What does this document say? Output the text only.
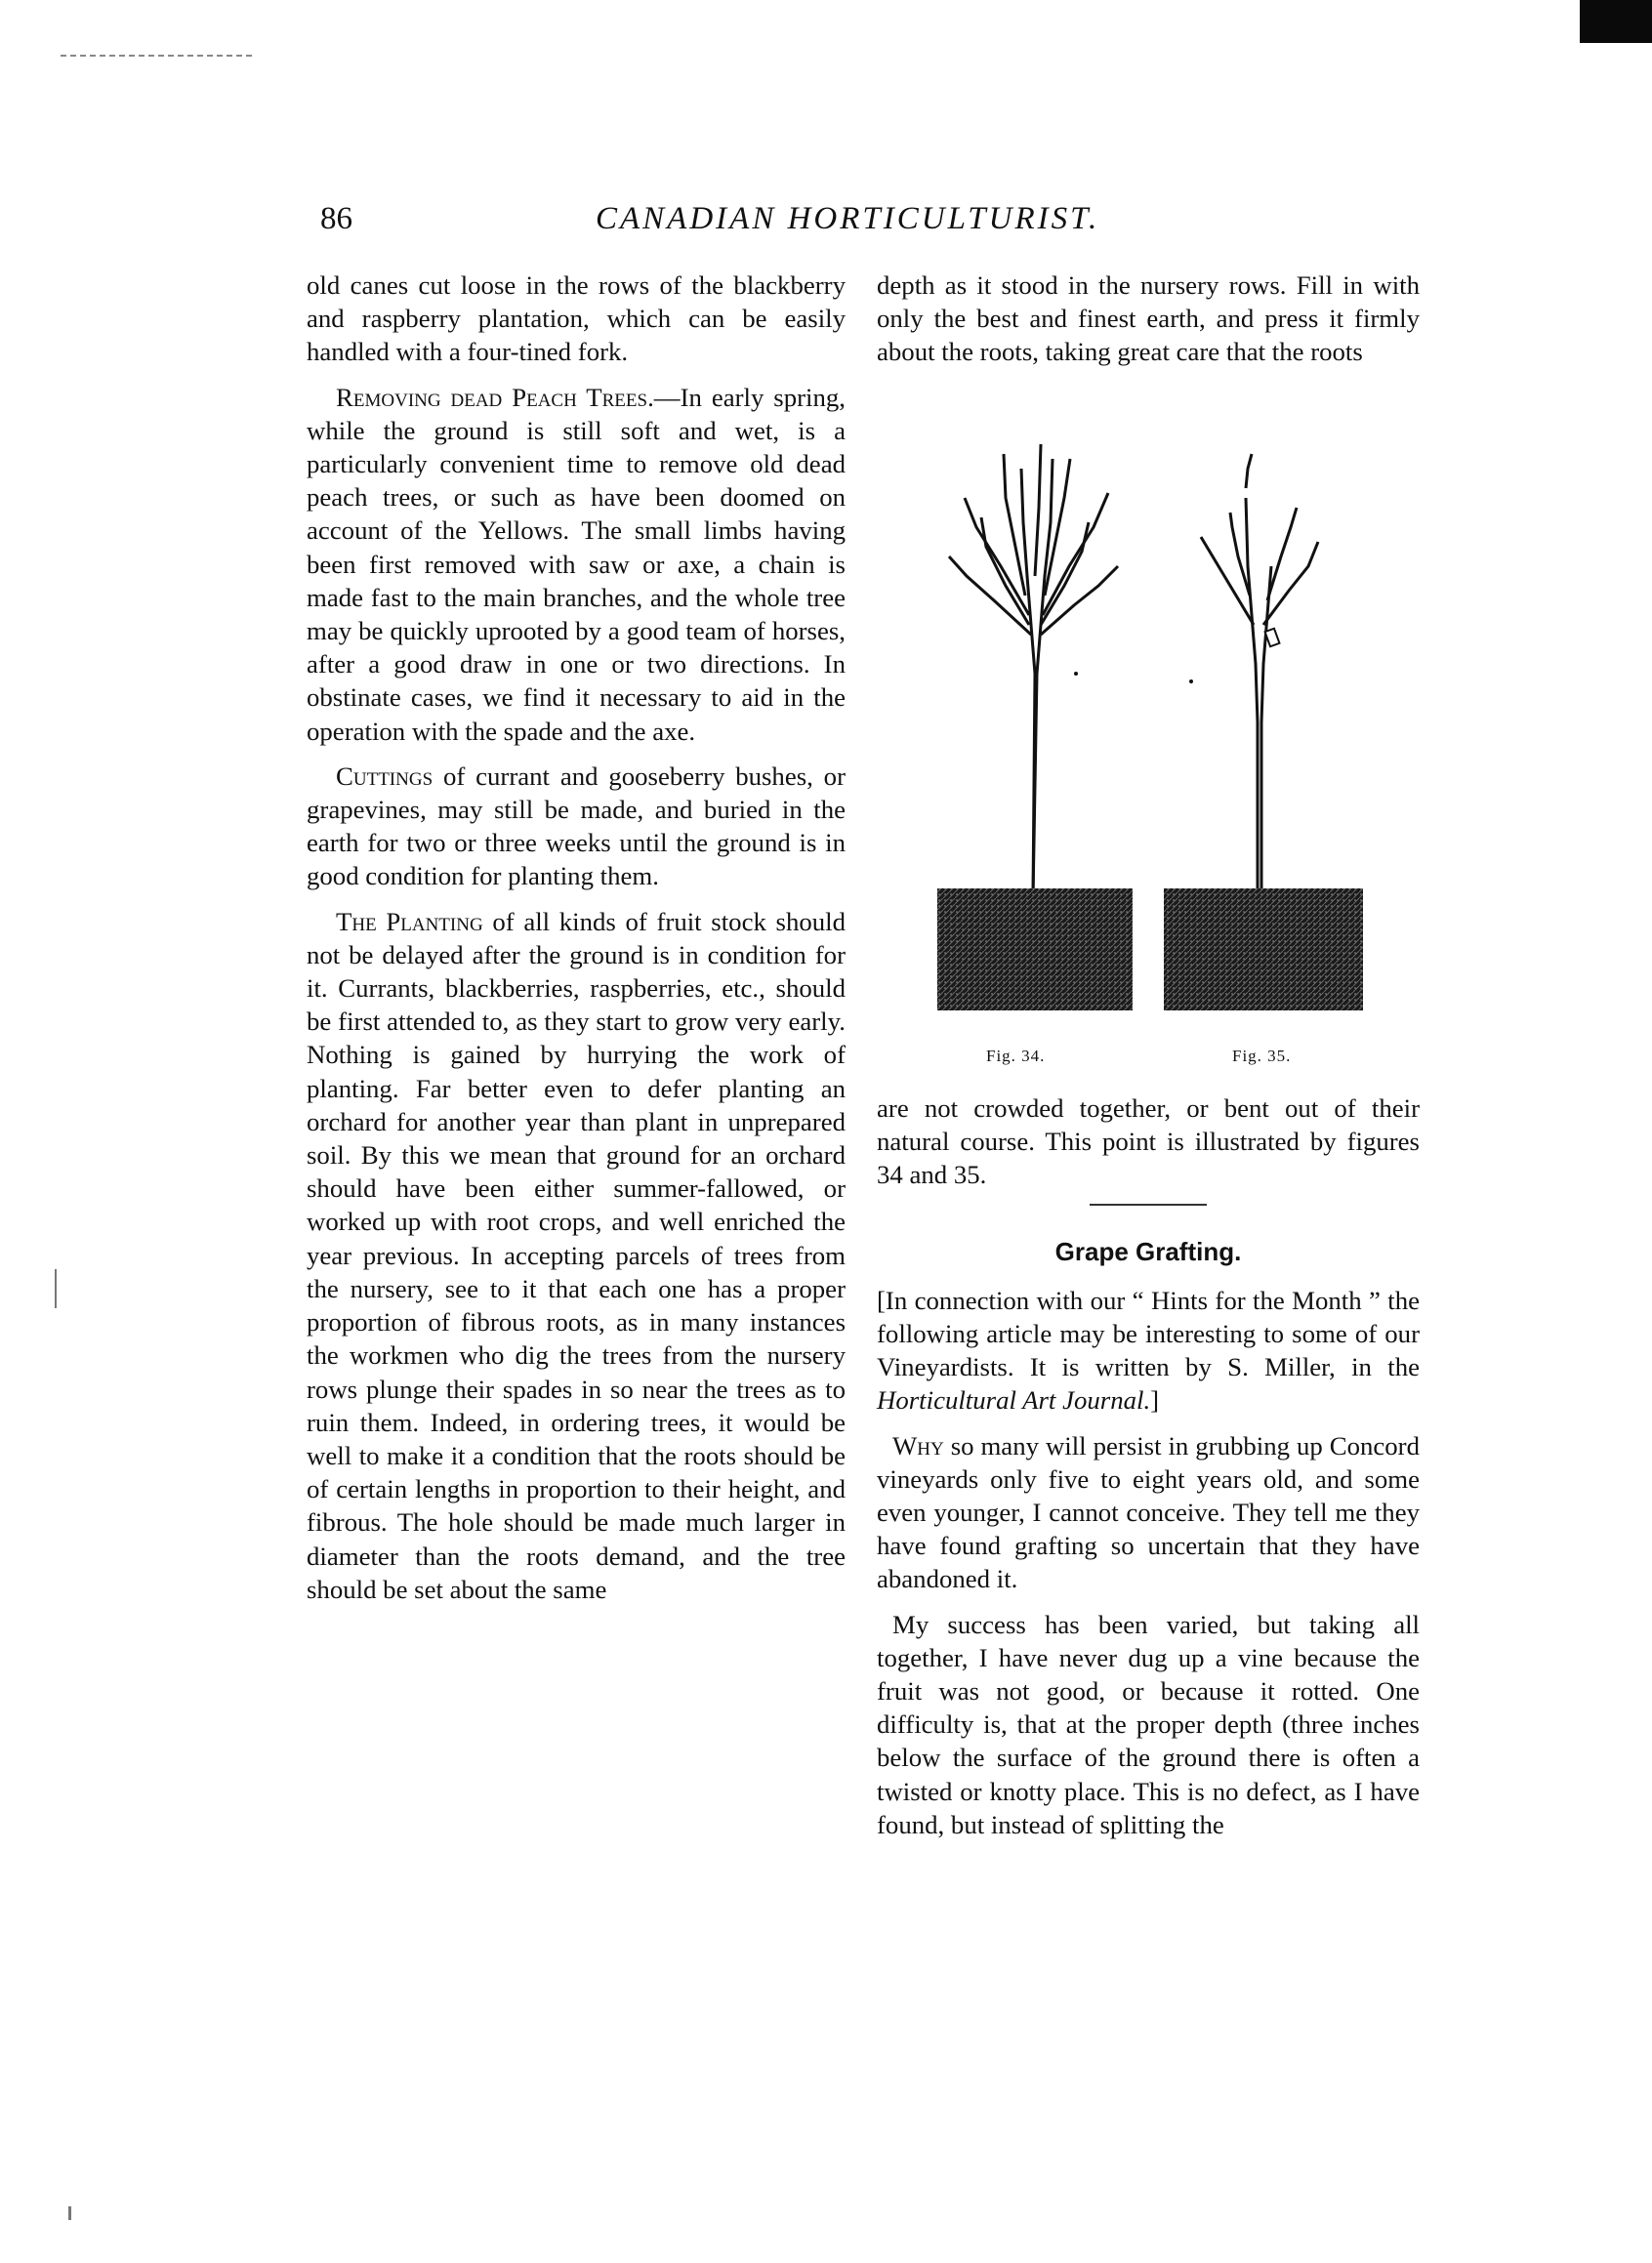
86	CANADIAN HORTICULTURIST.

old canes cut loose in the rows of the blackberry and raspberry plantation, which can be easily handled with a four-tined fork.

Removing dead Peach Trees.—In early spring, while the ground is still soft and wet, is a particularly convenient time to remove old dead peach trees, or such as have been doomed on account of the Yellows. The small limbs having been first removed with saw or axe, a chain is made fast to the main branches, and the whole tree may be quickly uprooted by a good team of horses, after a good draw in one or two directions. In obstinate cases, we find it necessary to aid in the operation with the spade and the axe.

Cuttings of currant and gooseberry bushes, or grapevines, may still be made, and buried in the earth for two or three weeks until the ground is in good condition for planting them.

The Planting of all kinds of fruit stock should not be delayed after the ground is in condition for it. Currants, blackberries, raspberries, etc., should be first attended to, as they start to grow very early. Nothing is gained by hurrying the work of planting. Far better even to defer planting an orchard for another year than plant in unprepared soil. By this we mean that ground for an orchard should have been either summer-fallowed, or worked up with root crops, and well enriched the year previous. In accepting parcels of trees from the nursery, see to it that each one has a proper proportion of fibrous roots, as in many instances the workmen who dig the trees from the nursery rows plunge their spades in so near the trees as to ruin them. Indeed, in ordering trees, it would be well to make it a condition that the roots should be of certain lengths in proportion to their height, and fibrous. The hole should be made much larger in diameter than the roots demand, and the tree should be set about the same

depth as it stood in the nursery rows. Fill in with only the best and finest earth, and press it firmly about the roots, taking great care that the roots

Fig. 34.	Fig. 35.

are not crowded together, or bent out of their natural course. This point is illustrated by figures 34 and 35.

Grape Grafting.

[In connection with our “ Hints for the Month ” the following article may be interesting to some of our Vineyardists. It is written by S. Miller, in the Horticultural Art Journal.]

Why so many will persist in grubbing up Concord vineyards only five to eight years old, and some even younger, I cannot conceive. They tell me they have found grafting so uncertain that they have abandoned it.

My success has been varied, but taking all together, I have never dug up a vine because the fruit was not good, or because it rotted. One difficulty is, that at the proper depth (three inches below the surface of the ground there is often a twisted or knotty place. This is no defect, as I have found, but instead of splitting the
